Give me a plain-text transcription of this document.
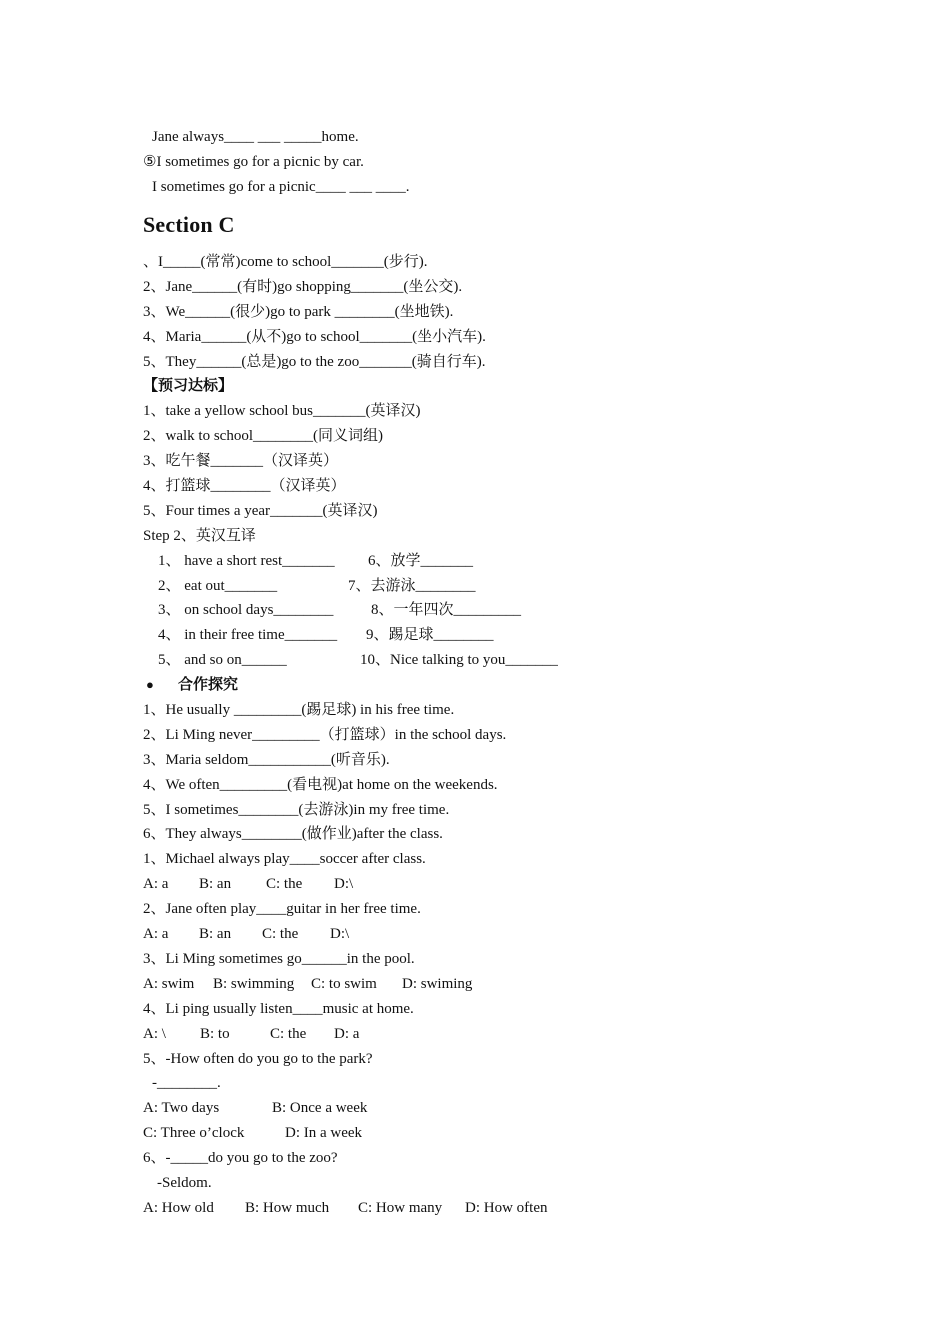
Jane always____ ___ _____home.
⑤I sometimes go for a picnic by car.
I sometimes go for a picnic____ ___ ____.
Section C
、I_____(常常)come to school_______(步行).
2、Jane______(有时)go shopping_______(坐公交).
3、We______(很少)go to park ________(坐地铁).
4、Maria______(从不)go to school_______(坐小汽车).
5、They______(总是)go to the zoo_______(骑自行车).
【预习达标】
1、take a yellow school bus_______(英译汉)
2、walk to school________(同义词组)
3、吃午餐_______（汉译英）
4、打篮球________（汉译英）
5、Four times a year_______(英译汉)
Step 2、英汉互译
1、 have a short rest_______ 6、放学_______
2、 eat out_______	7、去游泳________
3、 on school days________	8、一年四次_________
4、 in their free time_______ 9、踢足球________
5、 and so on______	10、Nice talking to you_______
● 合作探究
1、He usually _________(踢足球) in his free time.
2、Li Ming never_________（打篮球）in the school days.
3、Maria seldom___________(听音乐).
4、We often_________(看电视)at home on the weekends.
5、I sometimes________(去游泳)in my free time.
6、They always________(做作业)after the class.
1、Michael always play____soccer after class.
A: a B: an C: the D:\
2、Jane often play____guitar in her free time.
A: a B: an C: the D:\
3、Li Ming sometimes go______in the pool.
A: swim B: swimming C: to swim D: swiming
4、Li ping usually listen____music at home.
A: \ B: to	C: the D: a
5、-How often do you go to the park?
-________.
A: Two days	B: Once a week
C: Three o’clock	D: In a week
6、-_____do you go to the zoo?
-Seldom.
A: How old B: How much C: How many D: How often
